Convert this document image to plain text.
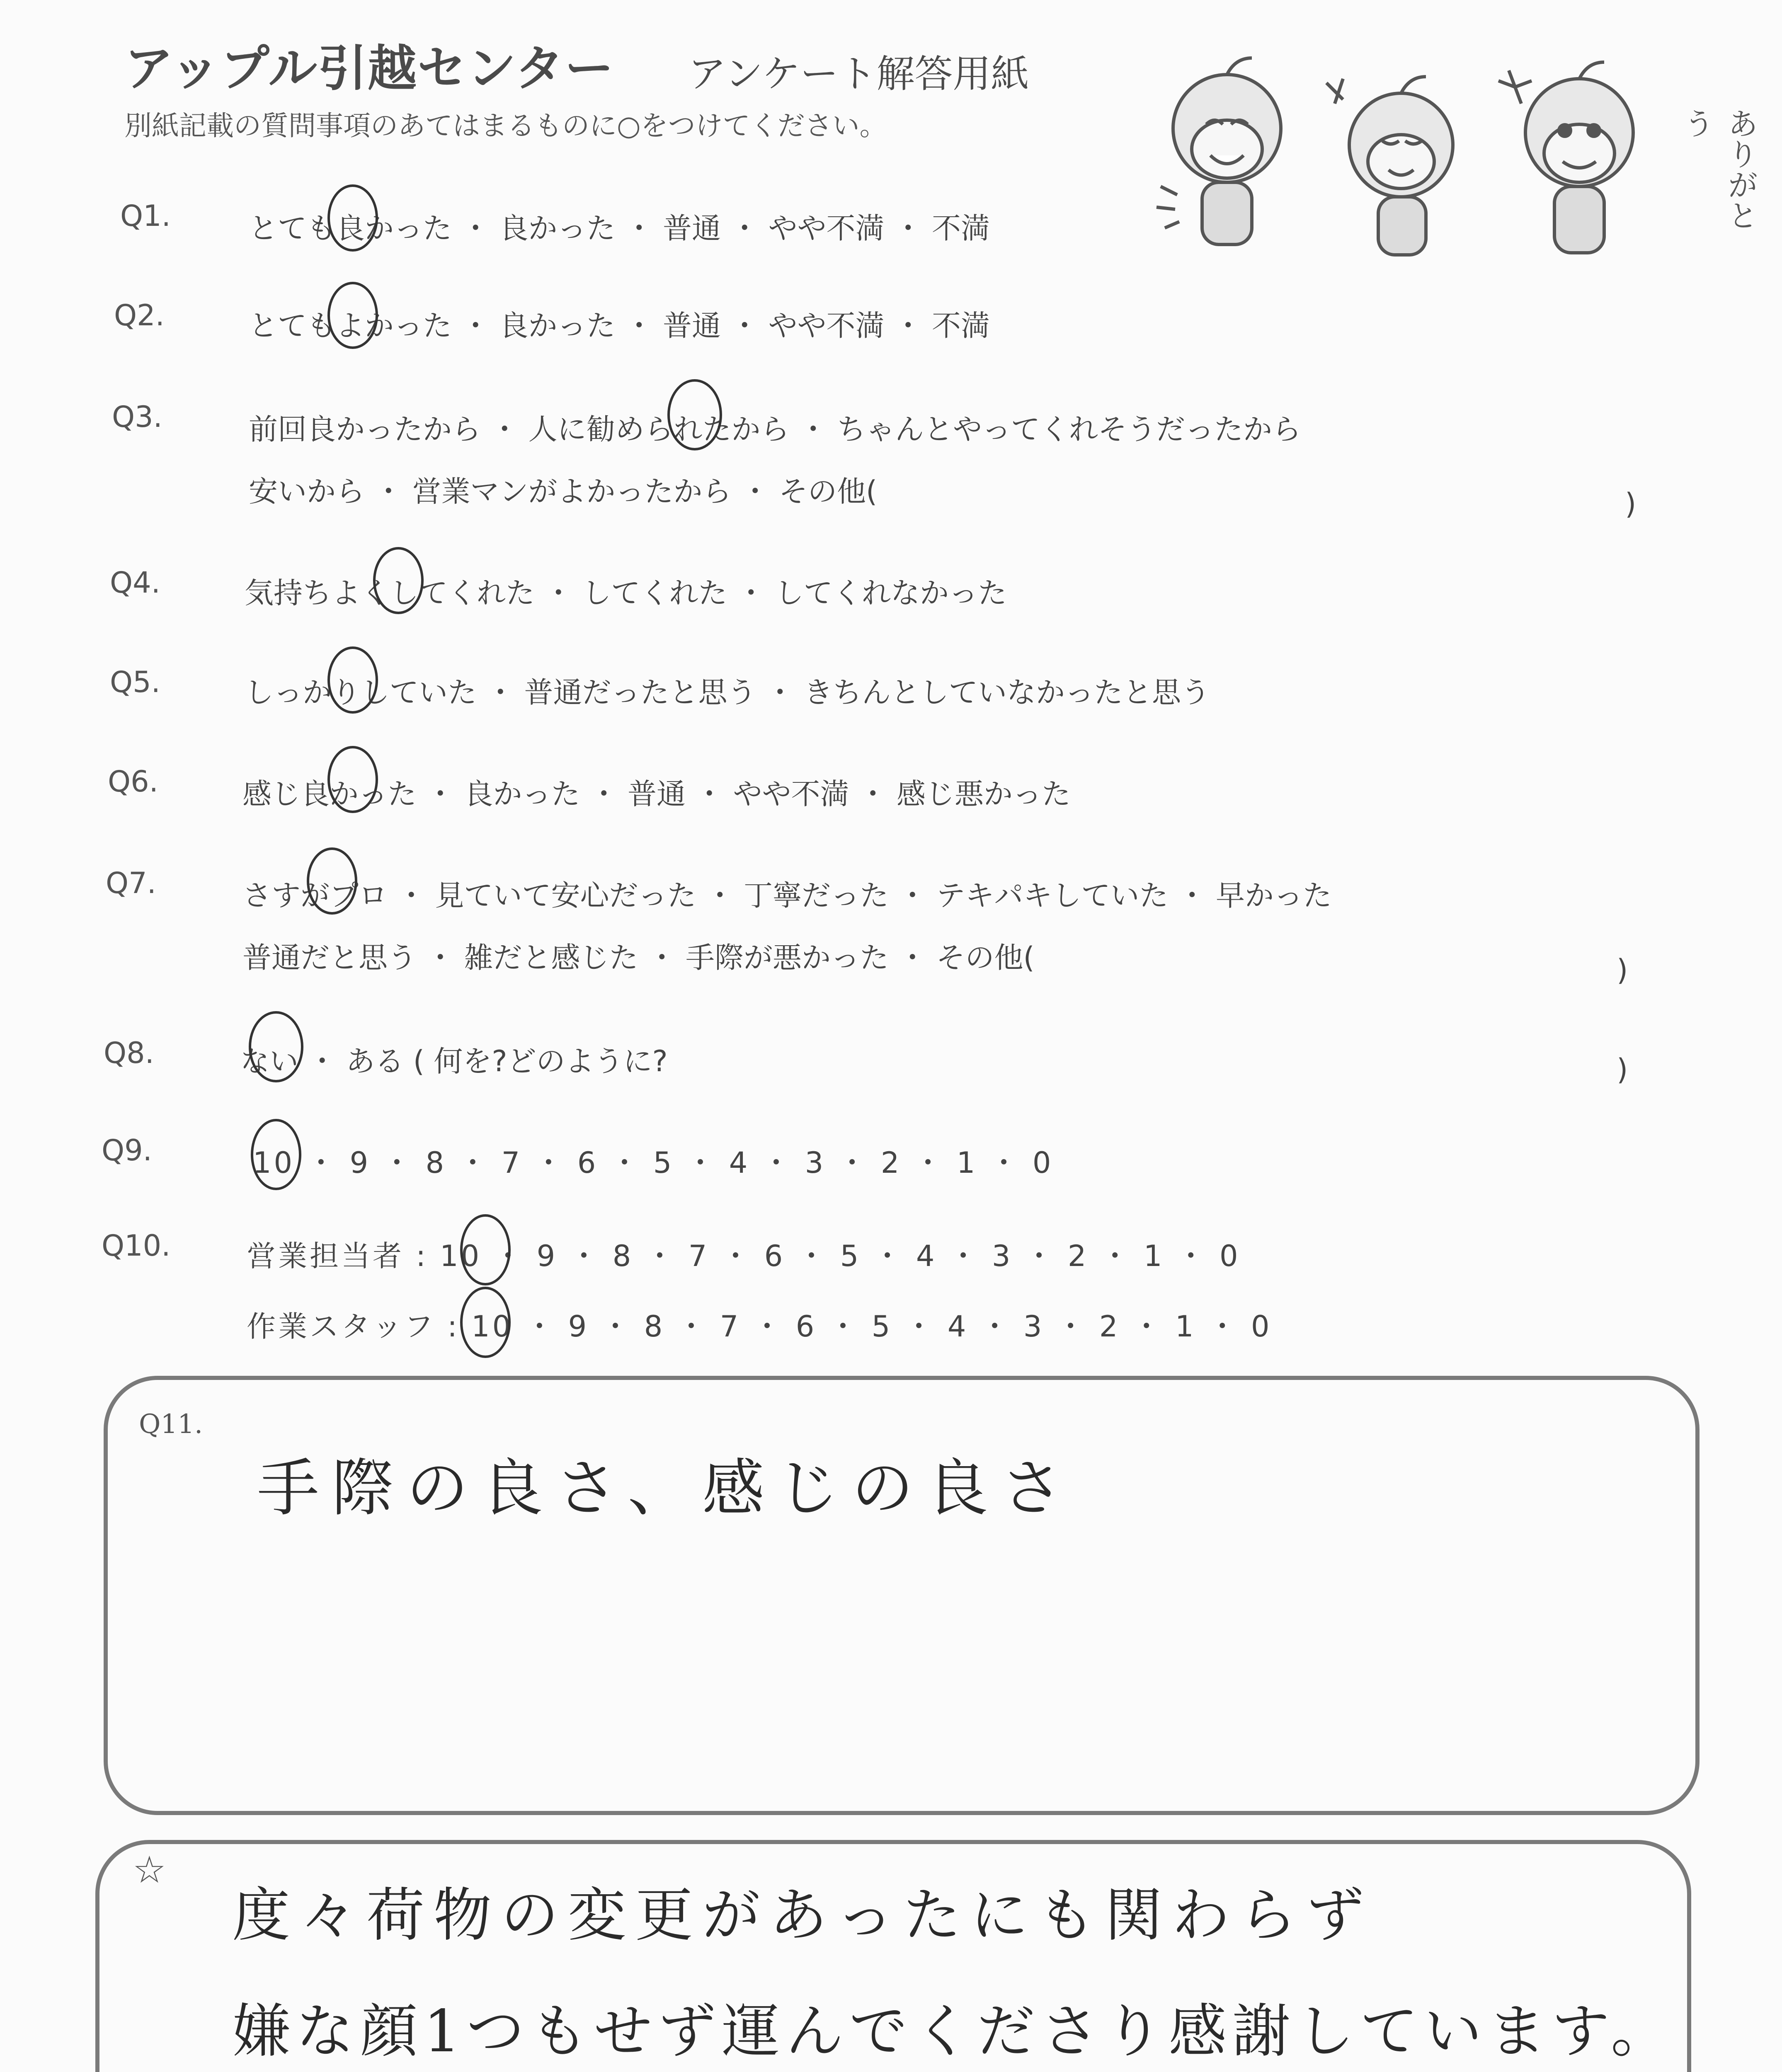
アップル引越センター アンケート解答用紙
別紙記載の質問事項のあてはまるものに○をつけてください。	ありがとう
Q1.	とても良かった ・ 良かった ・ 普通 ・ やや不満 ・ 不満
Q2.	とてもよかった ・ 良かった ・ 普通 ・ やや不満 ・ 不満
Q3.	前回良かったから ・ 人に勧められたから ・ ちゃんとやってくれそうだったから
安いから ・ 営業マンがよかったから ・ その他(	)
Q4.	気持ちよくしてくれた ・ してくれた ・ してくれなかった
Q5.	しっかりしていた ・ 普通だったと思う ・ きちんとしていなかったと思う
Q6.	感じ良かった ・ 良かった ・ 普通 ・ やや不満 ・ 感じ悪かった
Q7.	さすがプロ ・ 見ていて安心だった ・ 丁寧だった ・ テキパキしていた ・ 早かった
普通だと思う ・ 雑だと感じた ・ 手際が悪かった ・ その他(	)
Q8.	ない ・ ある ( 何を?どのように?	)
Q9.	10 ・ 9 ・ 8 ・ 7 ・ 6 ・ 5 ・ 4 ・ 3 ・ 2 ・ 1 ・ 0
Q10.	営業担当者 : 10 ・ 9 ・ 8 ・ 7 ・ 6 ・ 5 ・ 4 ・ 3 ・ 2 ・ 1 ・ 0
作業スタッフ : 10 ・ 9 ・ 8 ・ 7 ・ 6 ・ 5 ・ 4 ・ 3 ・ 2 ・ 1 ・ 0
Q11.
手際の良さ、感じの良さ
☆
度々荷物の変更があったにも関わらず
嫌な顔1つもせず運んでくださり感謝しています。
